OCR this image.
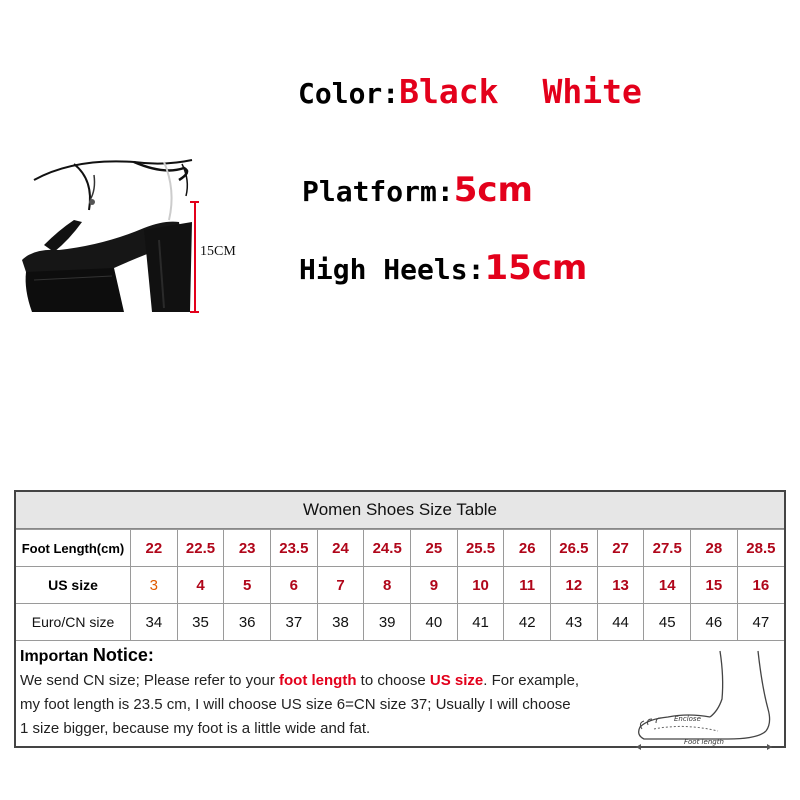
15CM
Color:Black White
Platform:5cm
High Heels:15cm
Women Shoes Size Table
Foot Length(cm)	22	22.5	23	23.5	24	24.5	25	25.5	26	26.5	27	27.5	28	28.5
US size	3	4	5	6	7	8	9	10	11	12	13	14	15	16
Euro/CN size	34	35	36	37	38	39	40	41	42	43	44	45	46	47
Importan Notice:
We send CN size; Please refer to your foot length to choose US size. For example,
my foot length is 23.5 cm, I will choose US size 6=CN size 37; Usually I will choose
1 size bigger, because my foot is a little wide and fat.
Enclose
Foot length
